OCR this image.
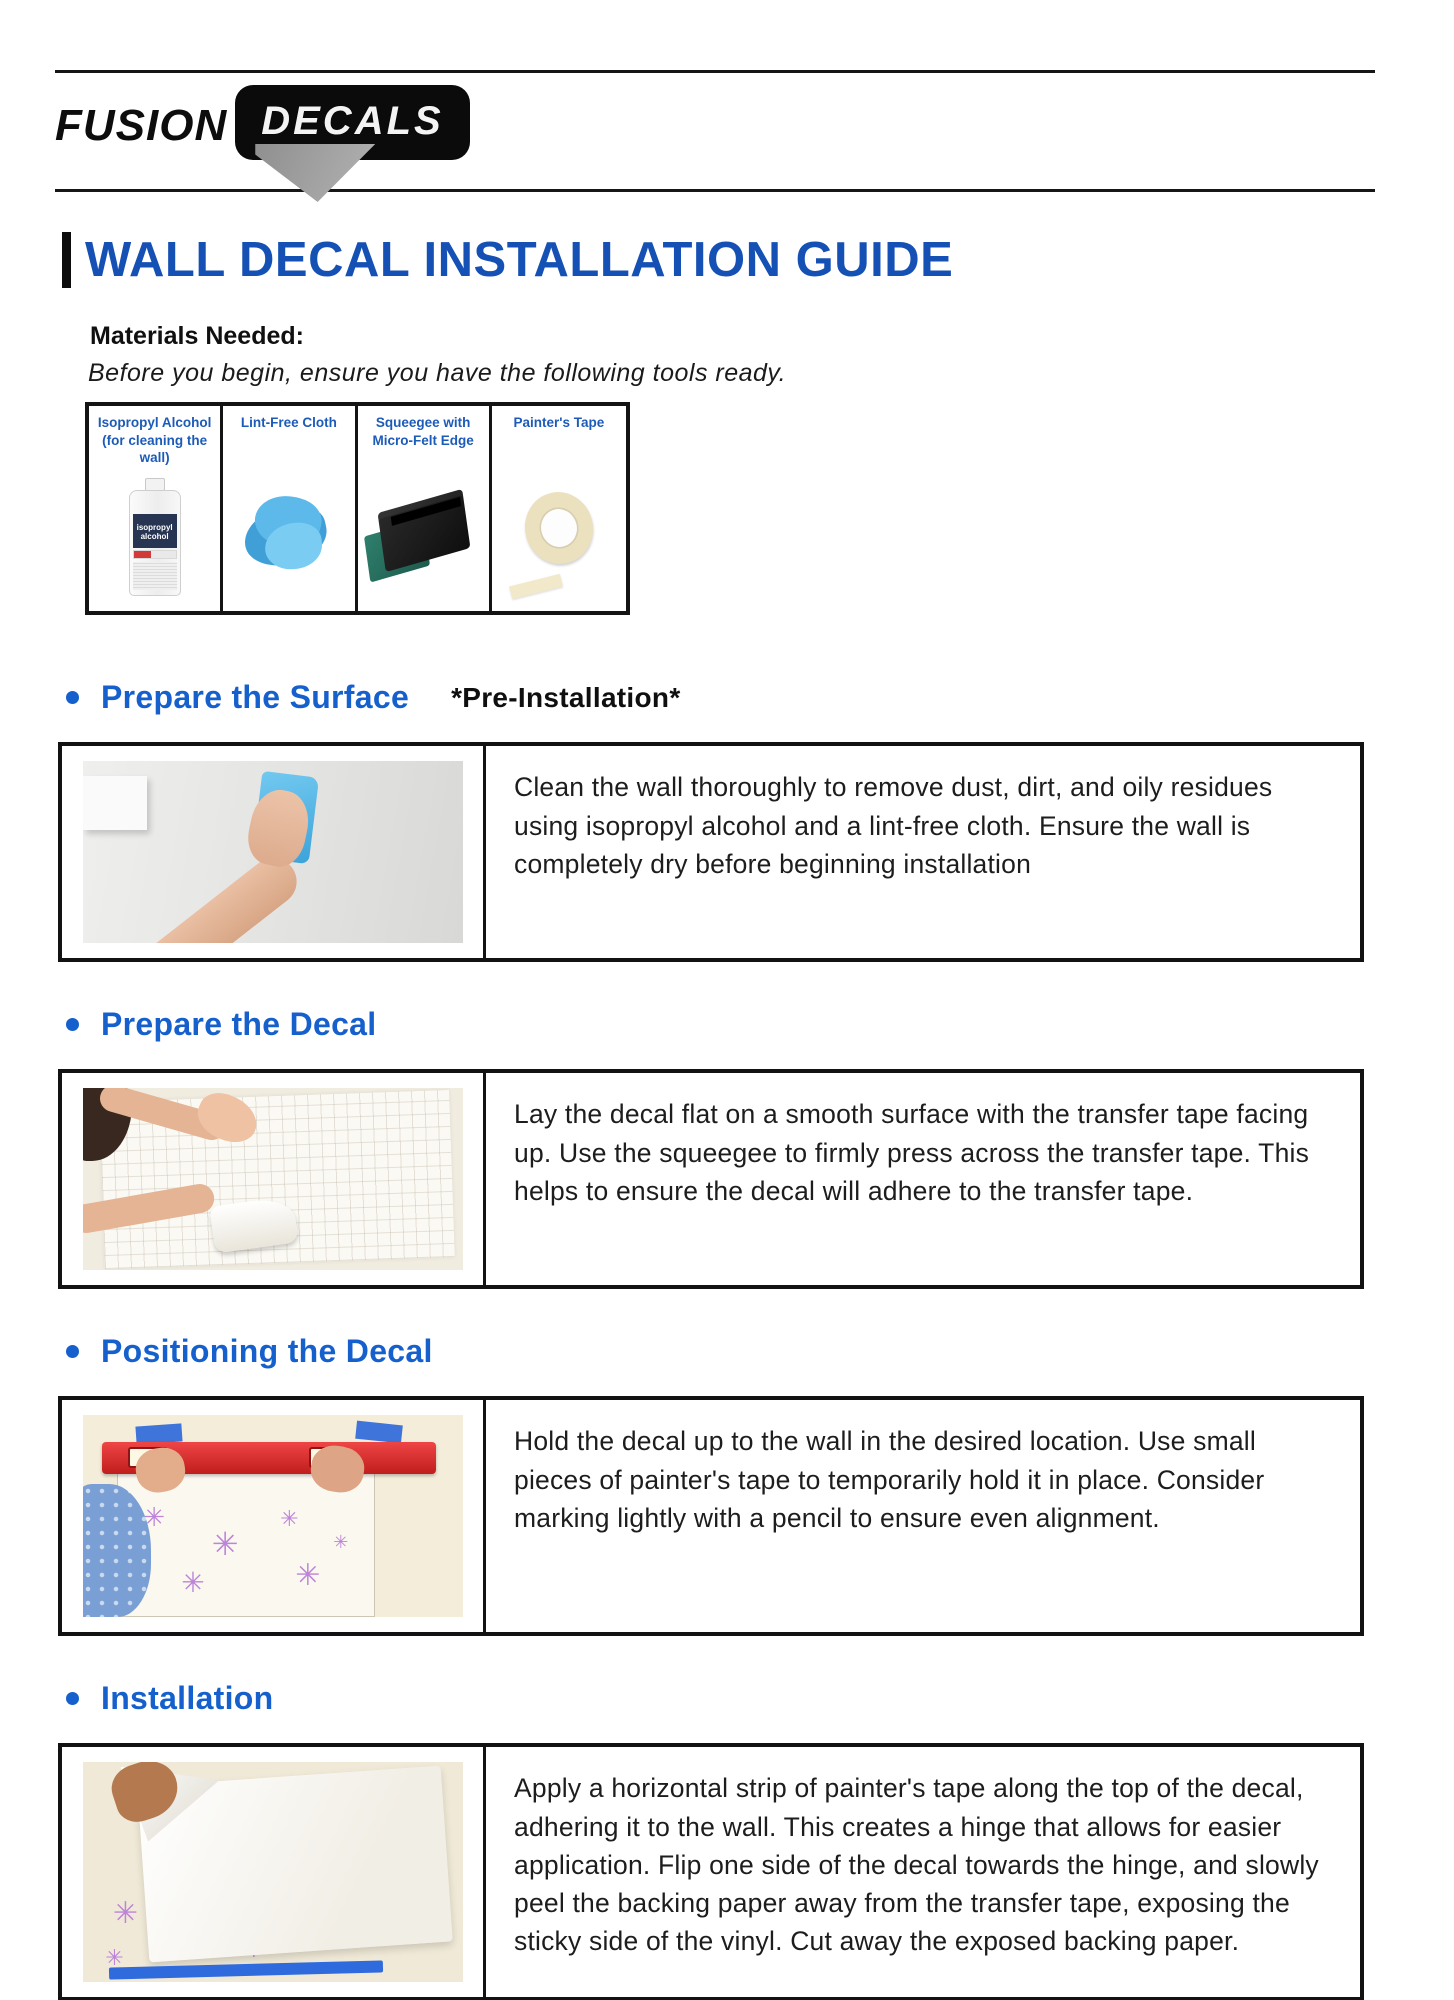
FUSION DECALS
WALL DECAL INSTALLATION GUIDE
Materials Needed:
Before you begin, ensure you have the following tools ready.
Isopropyl Alcohol (for cleaning the wall)
isopropyl alcohol
Lint-Free Cloth	Squeegee with Micro-Felt Edge
Painter's Tape
Prepare the Surface *Pre-Installation*
Clean the wall thoroughly to remove dust, dirt, and oily residues using isopropyl alcohol and a lint-free cloth. Ensure the wall is completely dry before beginning installation
Prepare the Decal
Lay the decal flat on a smooth surface with the transfer tape facing up. Use the squeegee to firmly press across the transfer tape. This helps to ensure the decal will adhere to the transfer tape.
Positioning the Decal
✳
✳
✳
✳
✳
✳
Hold the decal up to the wall in the desired location. Use small pieces of painter's tape to temporarily hold it in place. Consider marking lightly with a pencil to ensure even alignment.
Installation
✳
✳
✳
✳
✳
Apply a horizontal strip of painter's tape along the top of the decal, adhering it to the wall. This creates a hinge that allows for easier application. Flip one side of the decal towards the hinge, and slowly peel the backing paper away from the transfer tape, exposing the sticky side of the vinyl. Cut away the exposed backing paper.
